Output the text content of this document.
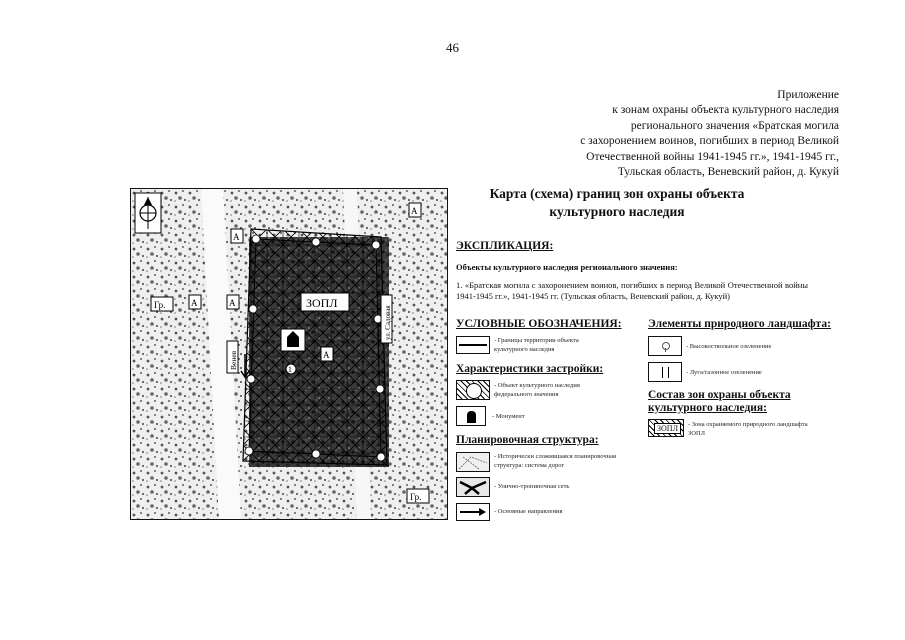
46
Приложение
к зонам охраны объекта культурного наследия
регионального значения «Братская могила
с захоронением воинов, погибших в период Великой
Отечественной войны 1941-1945 гг.», 1941-1945 гг.,
Тульская область, Веневский район, д. Кукуй
1
ЗОПЛ
Гр.
Гр.
А	А
А
А
А
Венев
ул. Садовая
Карта (схема) границ зон охраны объекта
культурного наследия
ЭКСПЛИКАЦИЯ:
Объекты культурного наследия регионального значения:
1. «Братская могила с захоронением воинов, погибших в период Великой Отечественной войны 1941-1945 гг.», 1941-1945 гг. (Тульская область, Веневский район, д. Кукуй)
УСЛОВНЫЕ ОБОЗНАЧЕНИЯ: Элементы природного ландшафта:
- Границы территории объекта культурного наследия
Характеристики застройки:
- Объект культурного наследия федерального значения
- Монумент
Планировочная структура:
- Исторически сложившаяся планировочная структура: система дорог
- Улично-тропиночная сеть
- Основные направления
- Высокоствольное озеленение
- Луга/газонное озеленение
Состав зон охраны объекта
культурного наследия:
ЗОПЛ	- Зона охраняемого природного ландшафта ЗОПЛ
